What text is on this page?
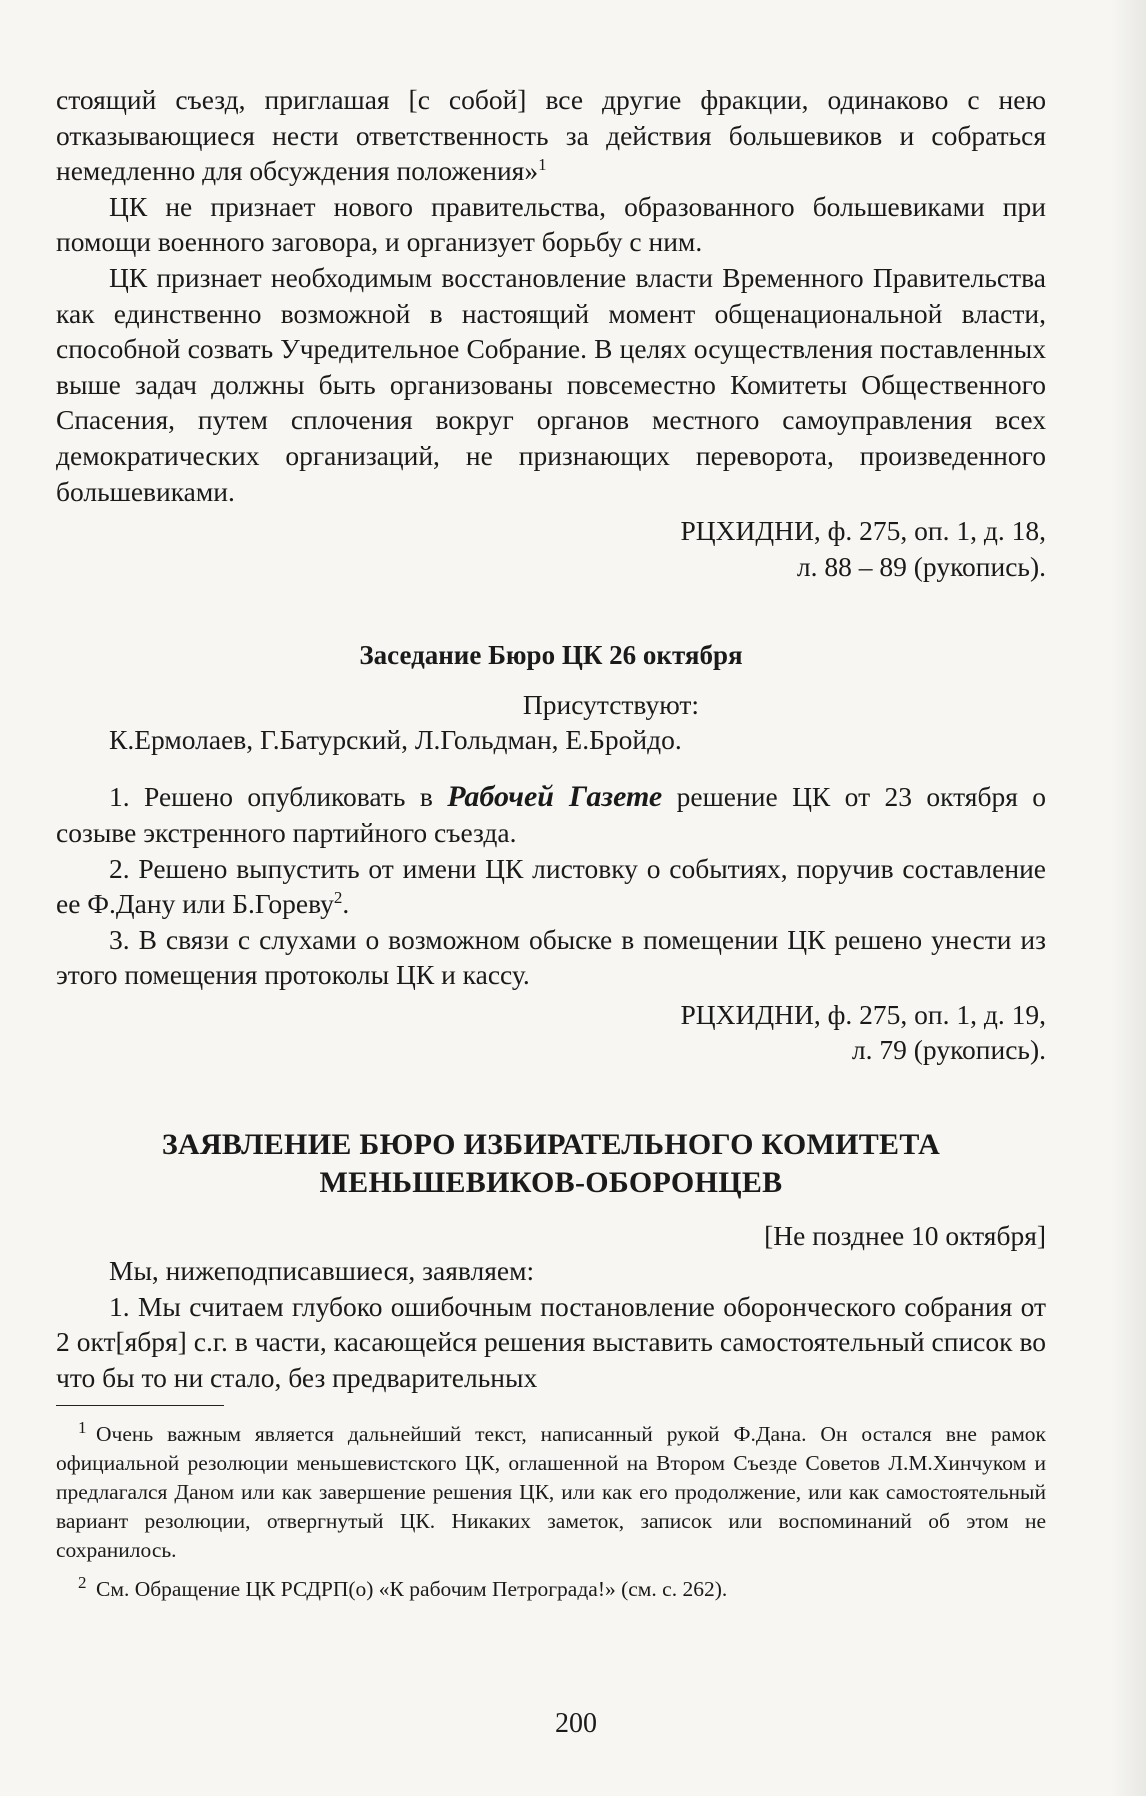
стоящий съезд, приглашая [с собой] все другие фракции, одинаково с нею отказывающиеся нести ответственность за действия большевиков и собраться немедленно для обсуждения положения»$^1$

ЦК не признает нового правительства, образованного большевиками при помощи военного заговора, и организует борьбу с ним.

ЦК признает необходимым восстановление власти Временного Правительства как единственно возможной в настоящий момент общенациональной власти, способной созвать Учредительное Собрание. В целях осуществления поставленных выше задач должны быть организованы повсеместно Комитеты Общественного Спасения, путем сплочения вокруг органов местного самоуправления всех демократических организаций, не признающих переворота, произведенного большевиками.

РЦХИДНИ, ф. 275, оп. 1, д. 18,
л. 88 – 89 (рукопись).
Заседание Бюро ЦК 26 октября
Присутствуют:

К.Ермолаев, Г.Батурский, Л.Гольдман, Е.Бройдо.

1. Решено опубликовать в Рабочей Газете решение ЦК от 23 октября о созыве экстренного партийного съезда.

2. Решено выпустить от имени ЦК листовку о событиях, поручив составление ее Ф.Дану или Б.Гореву$^2$.

3. В связи с слухами о возможном обыске в помещении ЦК решено унести из этого помещения протоколы ЦК и кассу.

РЦХИДНИ, ф. 275, оп. 1, д. 19,
л. 79 (рукопись).
ЗАЯВЛЕНИЕ БЮРО ИЗБИРАТЕЛЬНОГО КОМИТЕТА
МЕНЬШЕВИКОВ-ОБОРОНЦЕВ
[Не позднее 10 октября]

Мы, нижеподписавшиеся, заявляем:

1. Мы считаем глубоко ошибочным постановление оборонческого собрания от 2 окт[ября] с.г. в части, касающейся решения выставить самостоятельный список во что бы то ни стало, без предварительных

1 Очень важным является дальнейший текст, написанный рукой Ф.Дана. Он остался вне рамок официальной резолюции меньшевистского ЦК, оглашенной на Втором Съезде Советов Л.М.Хинчуком и предлагался Даном или как завершение решения ЦК, или как его продолжение, или как самостоятельный вариант резолюции, отвергнутый ЦК. Никаких заметок, записок или воспоминаний об этом не сохранилось.

2 См. Обращение ЦК РСДРП(о) «К рабочим Петрограда!» (см. с. 262).

200
